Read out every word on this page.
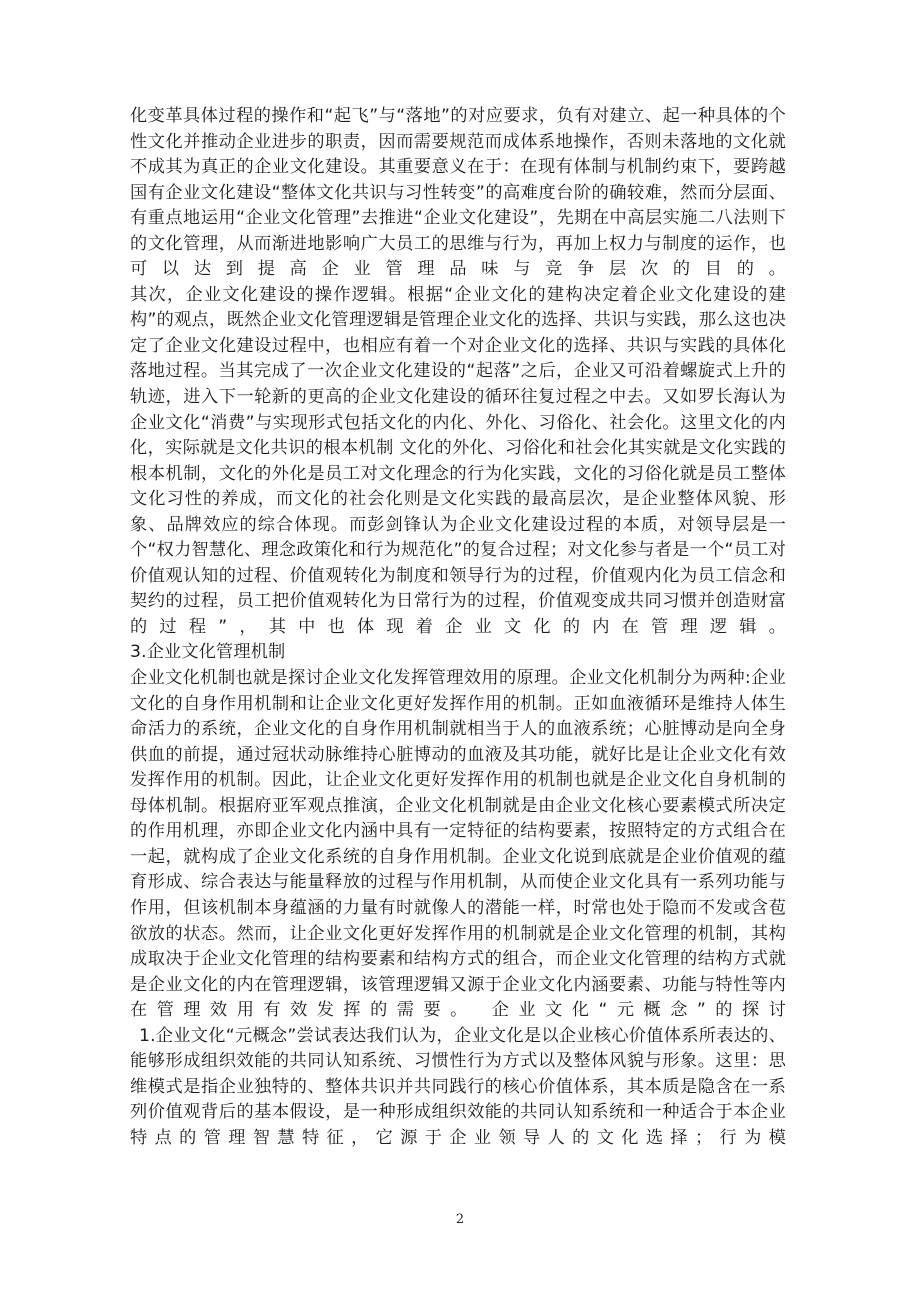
化变革具体过程的操作和“起飞”与“落地”的对应要求，负有对建立、起一种具体的个性文化并推动企业进步的职责，因而需要规范而成体系地操作，否则未落地的文化就不成其为真正的企业文化建设。其重要意义在于：在现有体制与机制约束下，要跨越国有企业文化建设“整体文化共识与习性转变”的高难度台阶的确较难，然而分层面、有重点地运用“企业文化管理”去推进“企业文化建设”，先期在中高层实施二八法则下的文化管理，从而渐进地影响广大员工的思维与行为，再加上权力与制度的运作，也可以达到提高企业管理品味与竞争层次的目的。

其次，企业文化建设的操作逻辑。根据“企业文化的建构决定着企业文化建设的建构”的观点，既然企业文化管理逻辑是管理企业文化的选择、共识与实践，那么这也决定了企业文化建设过程中，也相应有着一个对企业文化的选择、共识与实践的具体化落地过程。当其完成了一次企业文化建设的“起落”之后，企业又可沿着螺旋式上升的轨迹，进入下一轮新的更高的企业文化建设的循环往复过程之中去。又如罗长海认为企业文化“消费”与实现形式包括文化的内化、外化、习俗化、社会化。这里文化的内化，实际就是文化共识的根本机制 文化的外化、习俗化和社会化其实就是文化实践的根本机制，文化的外化是员工对文化理念的行为化实践，文化的习俗化就是员工整体文化习性的养成，而文化的社会化则是文化实践的最高层次，是企业整体风貌、形象、品牌效应的综合体现。而彭剑锋认为企业文化建设过程的本质，对领导层是一个“权力智慧化、理念政策化和行为规范化”的复合过程；对文化参与者是一个“员工对价值观认知的过程、价值观转化为制度和领导行为的过程，价值观内化为员工信念和契约的过程，员工把价值观转化为日常行为的过程，价值观变成共同习惯并创造财富的过程”，其中也体现着企业文化的内在管理逻辑。

3.企业文化管理机制

企业文化机制也就是探讨企业文化发挥管理效用的原理。企业文化机制分为两种:企业文化的自身作用机制和让企业文化更好发挥作用的机制。正如血液循环是维持人体生命活力的系统，企业文化的自身作用机制就相当于人的血液系统；心脏博动是向全身供血的前提，通过冠状动脉维持心脏博动的血液及其功能，就好比是让企业文化有效发挥作用的机制。因此，让企业文化更好发挥作用的机制也就是企业文化自身机制的母体机制。根据府亚军观点推演，企业文化机制就是由企业文化核心要素模式所决定的作用机理，亦即企业文化内涵中具有一定特征的结构要素，按照特定的方式组合在一起，就构成了企业文化系统的自身作用机制。企业文化说到底就是企业价值观的蕴育形成、综合表达与能量释放的过程与作用机制，从而使企业文化具有一系列功能与作用，但该机制本身蕴涵的力量有时就像人的潜能一样，时常也处于隐而不发或含苞欲放的状态。然而，让企业文化更好发挥作用的机制就是企业文化管理的机制，其构成取决于企业文化管理的结构要素和结构方式的组合，而企业文化管理的结构方式就是企业文化的内在管理逻辑，该管理逻辑又源于企业文化内涵要素、功能与特性等内在管理效用有效发挥的需要。 企业文化“元概念”的探讨

1.企业文化“元概念”尝试表达我们认为，企业文化是以企业核心价值体系所表达的、能够形成组织效能的共同认知系统、习惯性行为方式以及整体风貌与形象。这里：思维模式是指企业独特的、整体共识并共同践行的核心价值体系，其本质是隐含在一系列价值观背后的基本假设，是一种形成组织效能的共同认知系统和一种适合于本企业特点的管理智慧特征，它源于企业领导人的文化选择；行为模

2
